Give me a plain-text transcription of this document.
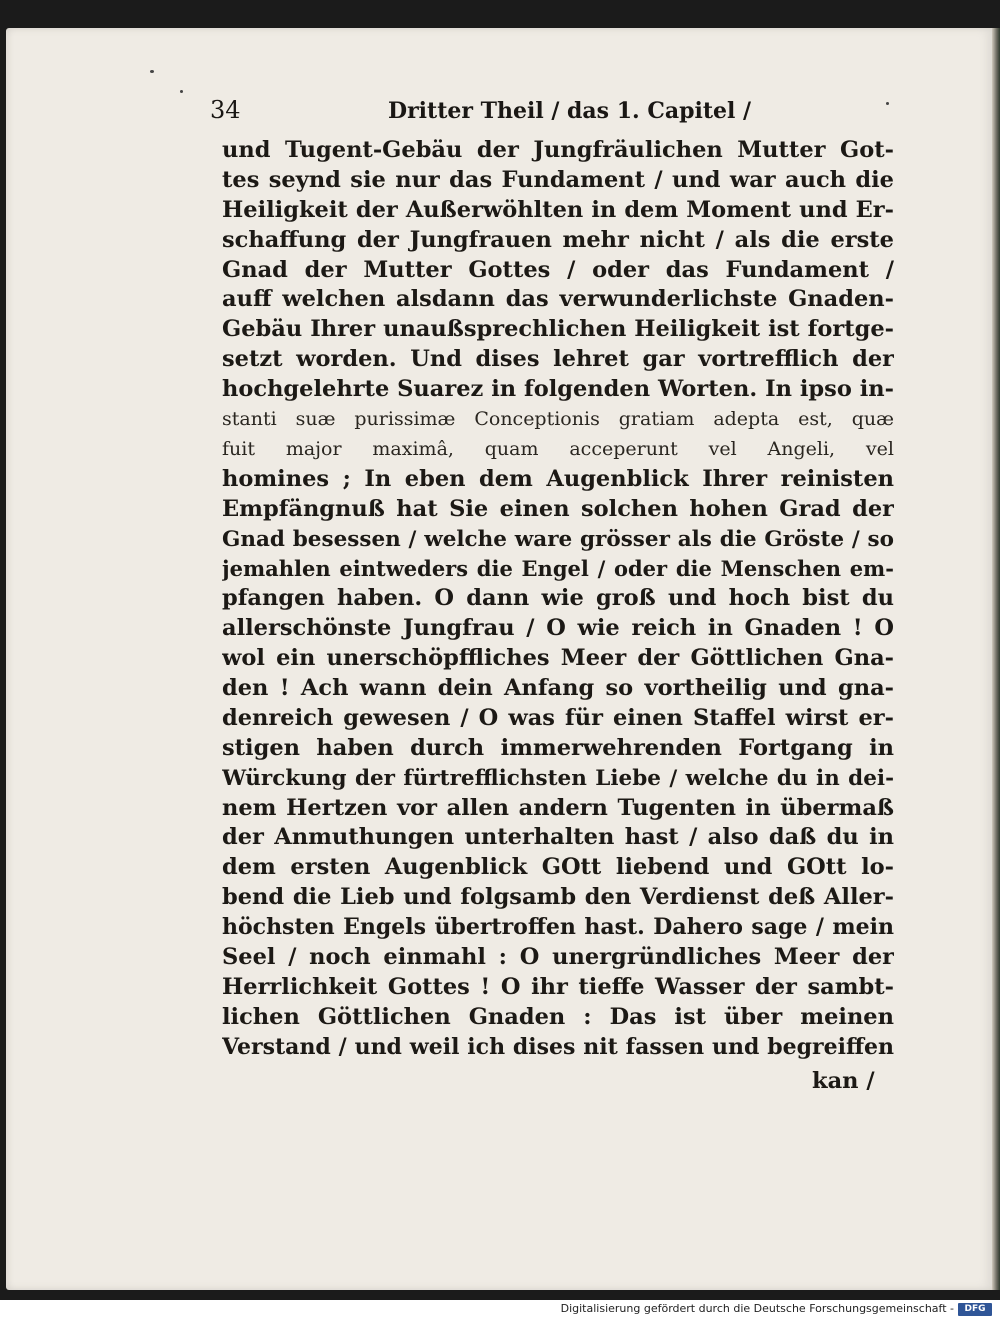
34	Dritter Theil / das 1. Capitel /
und Tugent-Gebäu der Jungfräulichen Mutter Got-
tes seynd sie nur das Fundament / und war auch die
Heiligkeit der Außerwöhlten in dem Moment und Er-
schaffung der Jungfrauen mehr nicht / als die erste
Gnad der Mutter Gottes / oder das Fundament /
auff welchen alsdann das verwunderlichste Gnaden-
Gebäu Ihrer unaußsprechlichen Heiligkeit ist fortge-
setzt worden. Und dises lehret gar vortrefflich der
hochgelehrte Suarez in folgenden Worten. In ipso in-
stanti suæ purissimæ Conceptionis gratiam adepta est, quæ
fuit major maximâ, quam acceperunt vel Angeli, vel
homines ; In eben dem Augenblick Ihrer reinisten
Empfängnuß hat Sie einen solchen hohen Grad der
Gnad besessen / welche ware grösser als die Gröste / so
jemahlen eintweders die Engel / oder die Menschen em-
pfangen haben. O dann wie groß und hoch bist du
allerschönste Jungfrau / O wie reich in Gnaden ! O
wol ein unerschöpffliches Meer der Göttlichen Gna-
den ! Ach wann dein Anfang so vortheilig und gna-
denreich gewesen / O was für einen Staffel wirst er-
stigen haben durch immerwehrenden Fortgang in
Würckung der fürtrefflichsten Liebe / welche du in dei-
nem Hertzen vor allen andern Tugenten in übermaß
der Anmuthungen unterhalten hast / also daß du in
dem ersten Augenblick GOtt liebend und GOtt lo-
bend die Lieb und folgsamb den Verdienst deß Aller-
höchsten Engels übertroffen hast. Dahero sage / mein
Seel / noch einmahl : O unergründliches Meer der
Herrlichkeit Gottes ! O ihr tieffe Wasser der sambt-
lichen Göttlichen Gnaden : Das ist über meinen
Verstand / und weil ich dises nit fassen und begreiffen
kan /
Digitalisierung gefördert durch die Deutsche Forschungsgemeinschaft -	DFG
